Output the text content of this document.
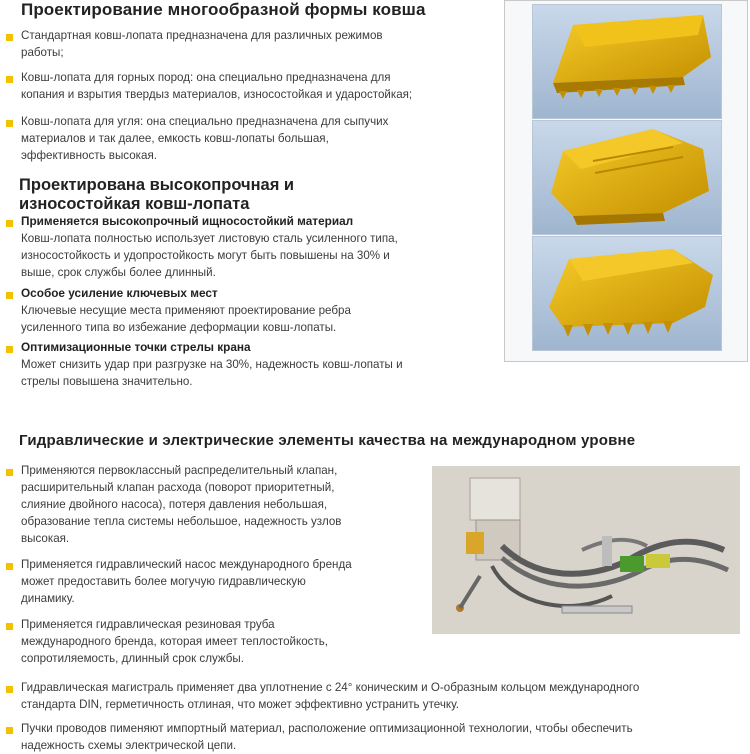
Проектирование многообразной формы ковша
Стандартная ковш-лопата предназначена для различных режимов
работы;
Ковш-лопата для горных пород: она специально предназначена для
копания и взрытия твердыз материалов, износостойкая и ударостойкая;
Ковш-лопата для угля: она специально предназначена для сыпучих
материалов и так далее, емкость ковш-лопаты большая,
эффективность высокая.
Проектирована высокопрочная и
износостойкая ковш-лопата
Применяется высокопрочный ищносостойкий материал
Ковш-лопата полностью использует листовую сталь усиленного типа,
износостойкость и удопростойкость могут быть повышены на 30% и
выше, срок службы более длинный.
Особое усиление ключевых мест
Ключевые несущие места применяют проектирование ребра
усиленного типа во избежание деформации ковш-лопаты.
Оптимизационные точки стрелы крана
Может снизить удар при разгрузке на 30%, надежность ковш-лопаты и
стрелы повышена значительно.
Гидравлические и электрические элементы качества на международном уровне
Применяются первоклассный распределительный клапан,
расширительный клапан расхода (поворот приоритетный,
слияние двойного насоса), потеря давления небольшая,
образование тепла системы небольшое, надежность узлов
высокая.
Применяется гидравлический насос международного бренда
может предоставить более могучую гидравлическую
динамику.
Применяется гидравлическая резиновая труба
международного бренда, которая имеет теплостойкость,
сопротиляемость, длинный срок службы.
Гидравлическая магистраль применяет два уплотнение с 24° коническим и О-образным кольцом международного
стандарта DIN, герметичность отлиная, что может эффективно устранить утечку.
Пучки проводов пименяют импортный материал, расположение оптимизационной технологии, чтобы обеспечить
надежность схемы электрической цепи.
